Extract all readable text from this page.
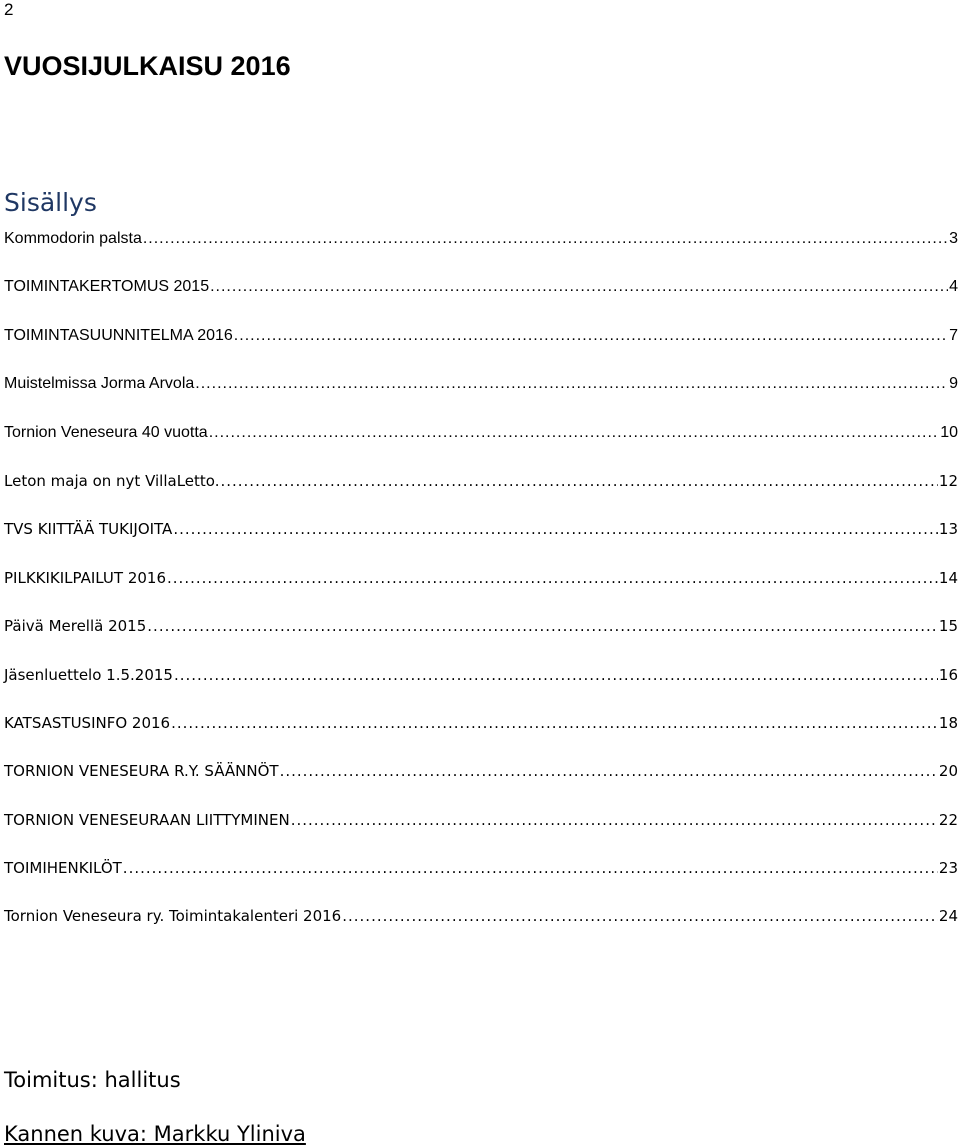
2
VUOSIJULKAISU 2016
Sisällys
Kommodorin palsta .....	3
TOIMINTAKERTOMUS 2015 .....	4
TOIMINTASUUNNITELMA 2016 .....	7
Muistelmissa Jorma Arvola .....	9
Tornion Veneseura 40 vuotta .....	10
Leton maja on nyt VillaLetto. .....	12
TVS KIITTÄÄ TUKIJOITA .....	13
PILKKIKILPAILUT 2016 .....	14
Päivä Merellä 2015 .....	15
Jäsenluettelo 1.5.2015 .....	16
KATSASTUSINFO 2016 .....	18
TORNION VENESEURA R.Y. SÄÄNNÖT .....	20
TORNION VENESEURAAN LIITTYMINEN .....	22
TOIMIHENKILÖT .....	23
Tornion Veneseura ry. Toimintakalenteri 2016 .....	24

Toimitus: hallitus

Kannen kuva: Markku Yliniva
